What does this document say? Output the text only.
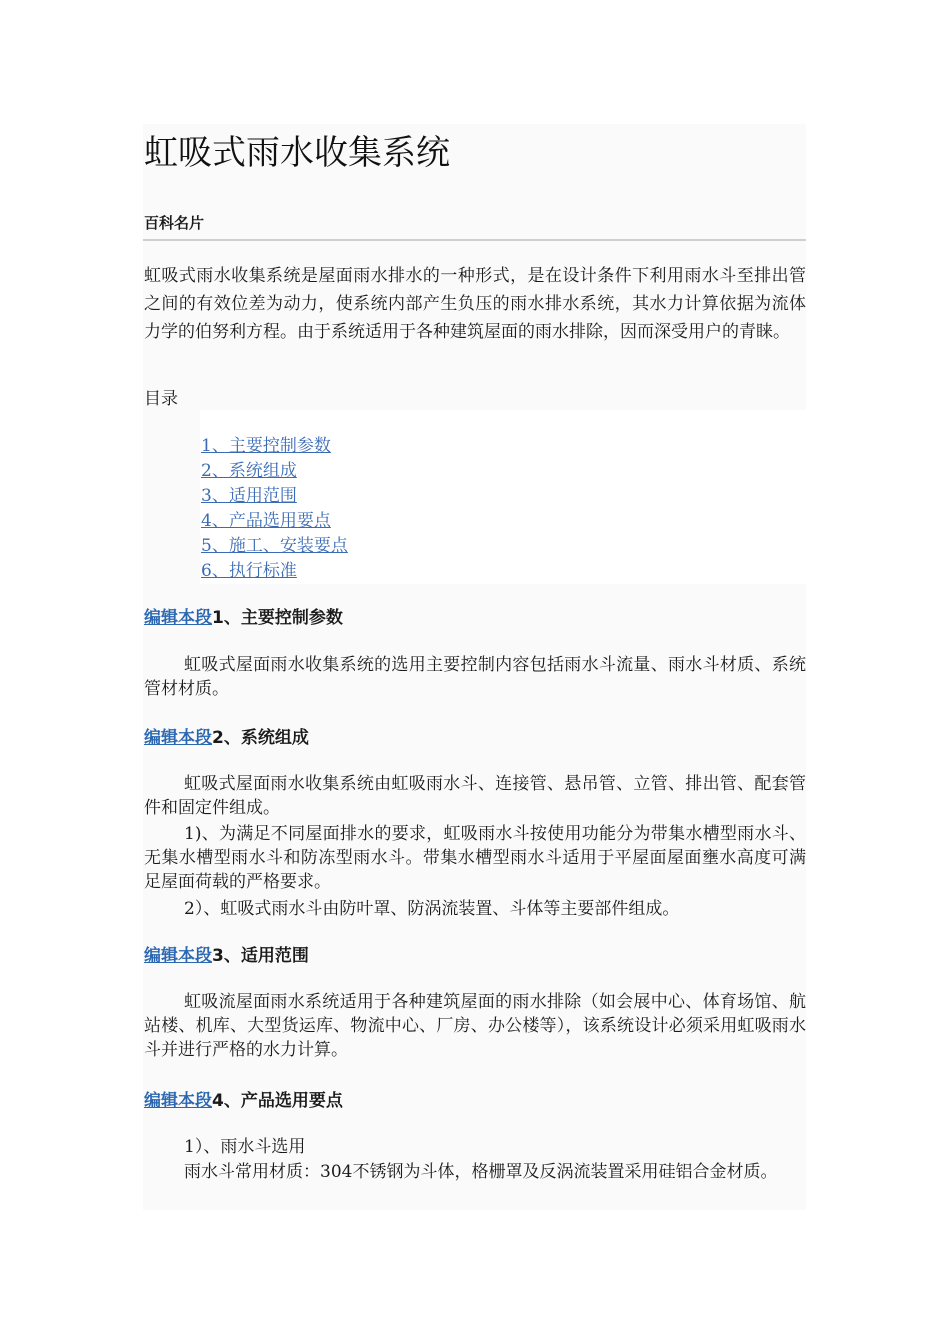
虹吸式雨水收集系统
百科名片

虹吸式雨水收集系统是屋面雨水排水的一种形式，是在设计条件下利用雨水斗至排出管之间的有效位差为动力，使系统内部产生负压的雨水排水系统，其水力计算依据为流体力学的伯努利方程。由于系统适用于各种建筑屋面的雨水排除，因而深受用户的青睐。

目录
1、主要控制参数
2、系统组成
3、适用范围
4、产品选用要点
5、施工、安装要点
6、执行标准
编辑本段1、主要控制参数

虹吸式屋面雨水收集系统的选用主要控制内容包括雨水斗流量、雨水斗材质、系统管材材质。

编辑本段2、系统组成

虹吸式屋面雨水收集系统由虹吸雨水斗、连接管、悬吊管、立管、排出管、配套管件和固定件组成。

1)、为满足不同屋面排水的要求，虹吸雨水斗按使用功能分为带集水槽型雨水斗、无集水槽型雨水斗和防冻型雨水斗。带集水槽型雨水斗适用于平屋面屋面壅水高度可满足屋面荷载的严格要求。

2）、虹吸式雨水斗由防叶罩、防涡流装置、斗体等主要部件组成。

编辑本段3、适用范围

虹吸流屋面雨水系统适用于各种建筑屋面的雨水排除（如会展中心、体育场馆、航站楼、机库、大型货运库、物流中心、厂房、办公楼等），该系统设计必须采用虹吸雨水斗并进行严格的水力计算。

编辑本段4、产品选用要点

1）、雨水斗选用

雨水斗常用材质：304不锈钢为斗体，格栅罩及反涡流装置采用硅铝合金材质。
